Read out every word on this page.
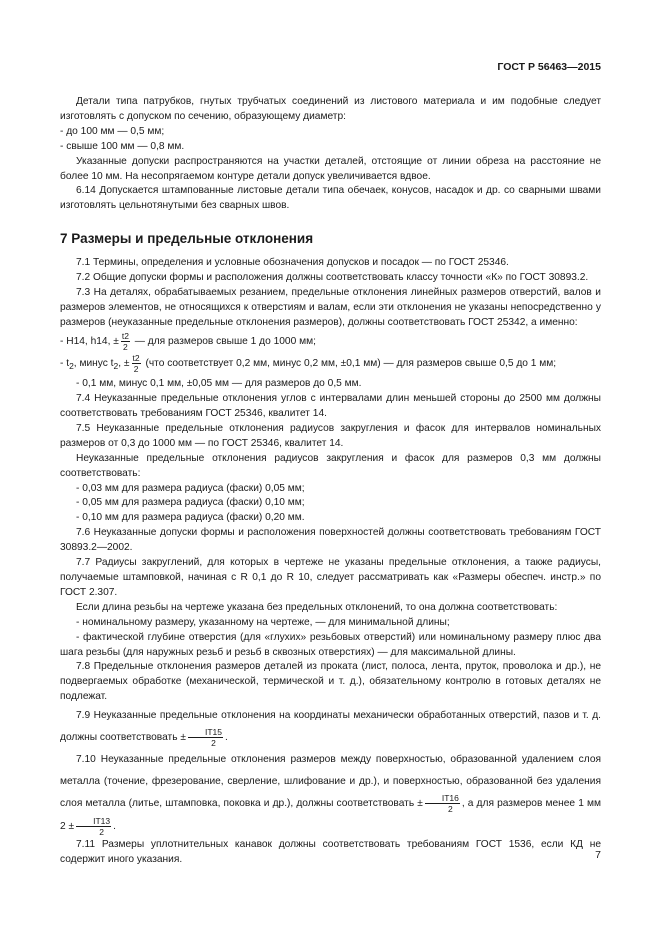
ГОСТ Р 56463—2015

Детали типа патрубков, гнутых трубчатых соединений из листового материала и им подобные следует изготовлять с допуском по сечению, образующему диаметр:

- до 100 мм — 0,5 мм;

- свыше 100 мм — 0,8 мм.

Указанные допуски распространяются на участки деталей, отстоящие от линии обреза на расстояние не более 10 мм. На несопрягаемом контуре детали допуск увеличивается вдвое.

6.14 Допускается штампованные листовые детали типа обечаек, конусов, насадок и др. со сварными швами изготовлять цельнотянутыми без сварных швов.

7 Размеры и предельные отклонения

7.1 Термины, определения и условные обозначения допусков и посадок — по ГОСТ 25346.

7.2 Общие допуски формы и расположения должны соответствовать классу точности «К» по ГОСТ 30893.2.

7.3 На деталях, обрабатываемых резанием, предельные отклонения линейных размеров отверстий, валов и размеров элементов, не относящихся к отверстиям и валам, если эти отклонения не указаны непосредственно у размеров (неуказанные предельные отклонения размеров), должны соответствовать ГОСТ 25342, а именно:

- Н14, h14, ± $\frac{t2}{2}$ — для размеров свыше 1 до 1000 мм;

- $t_2$, минус $t_2$, ± $\frac{t2}{2} (что$ соответствует 0,2 мм, минус 0,2 мм, ±0,1 мм) — для размеров свыше 0,5 до 1 мм;

- 0,1 мм, минус 0,1 мм, ±0,05 мм — для размеров до 0,5 мм.

7.4 Неуказанные предельные отклонения углов с интервалами длин меньшей стороны до 2500 мм должны соответствовать требованиям ГОСТ 25346, квалитет 14.

7.5 Неуказанные предельные отклонения радиусов закругления и фасок для интервалов номинальных размеров от 0,3 до 1000 мм — по ГОСТ 25346, квалитет 14.

Неуказанные предельные отклонения радиусов закругления и фасок для размеров 0,3 мм должны соответствовать:

- 0,03 мм для размера радиуса (фаски) 0,05 мм;

- 0,05 мм для размера радиуса (фаски) 0,10 мм;

- 0,10 мм для размера радиуса (фаски) 0,20 мм.

7.6 Неуказанные допуски формы и расположения поверхностей должны соответствовать требованиям ГОСТ 30893.2—2002.

7.7 Радиусы закруглений, для которых в чертеже не указаны предельные отклонения, а также радиусы, получаемые штамповкой, начиная с R 0,1 до R 10, следует рассматривать как «Размеры обеспеч. инстр.» по ГОСТ 2.307.

Если длина резьбы на чертеже указана без предельных отклонений, то она должна соответствовать:

- номинальному размеру, указанному на чертеже, — для минимальной длины;

- фактической глубине отверстия (для «глухих» резьбовых отверстий) или номинальному размеру плюс два шага резьбы (для наружных резьб и резьб в сквозных отверстиях) — для максимальной длины.

7.8 Предельные отклонения размеров деталей из проката (лист, полоса, лента, пруток, проволока и др.), не подвергаемых обработке (механической, термической и т. д.), обязательному контролю в готовых деталях не подлежат.

7.9 Неуказанные предельные отклонения на координаты механически обработанных отверстий, пазов и т. д. должны соответствовать ± $\frac{IT15}{2}$ .

7.10 Неуказанные предельные отклонения размеров между поверхностью, образованной удалением слоя металла (точение, фрезерование, сверление, шлифование и др.), и поверхностью, образованной без удаления слоя металла (литье, штамповка, поковка и др.), должны соответствовать ± $\frac{IT16}{2}$ , а для размеров менее 1 мм $2 \pm \frac{IT13}{2}$ .

7.11 Размеры уплотнительных канавок должны соответствовать требованиям ГОСТ 1536, если КД не содержит иного указания.	7
